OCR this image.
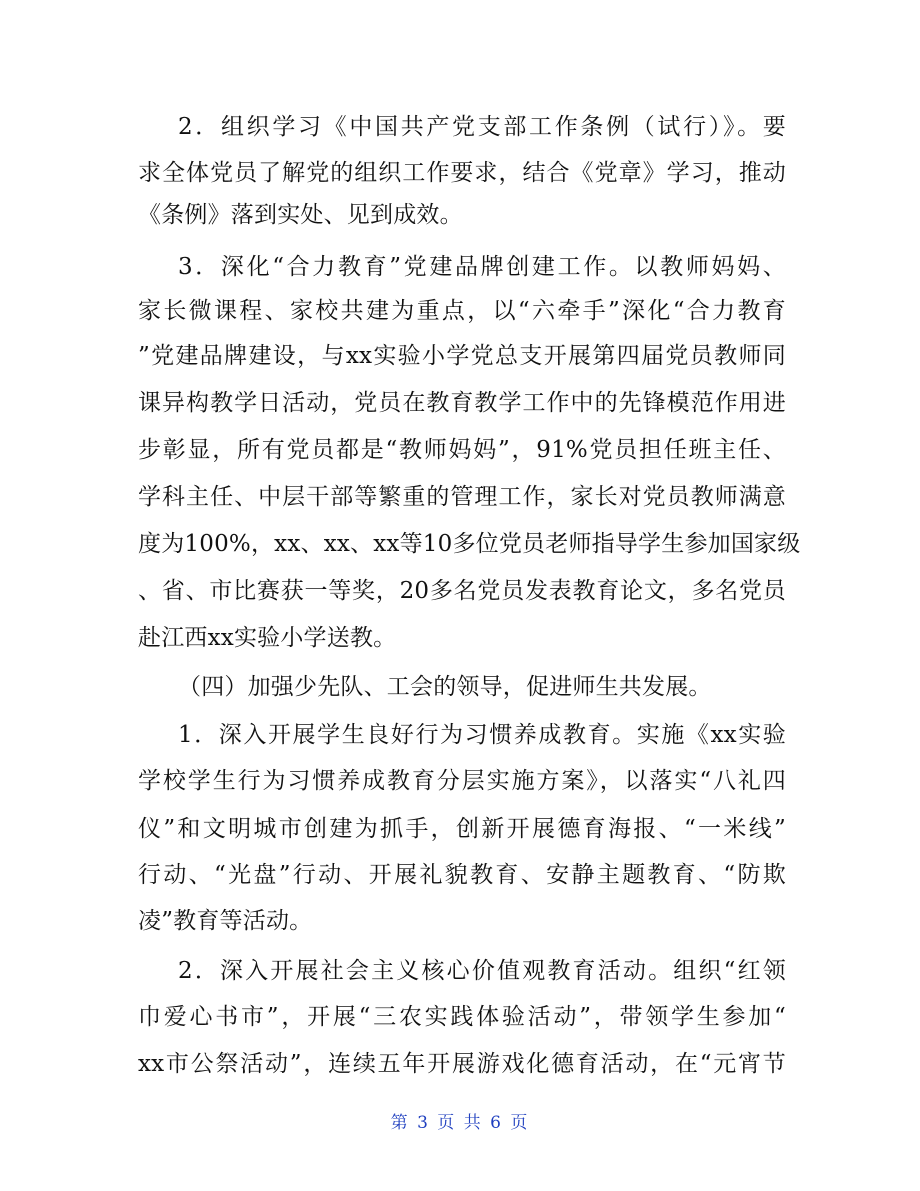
2．组织学习《中国共产党支部工作条例（试行）》。要
求全体党员了解党的组织工作要求，结合《党章》学习，推动
《条例》落到实处、见到成效。
3．深化“合力教育”党建品牌创建工作。以教师妈妈、
家长微课程、家校共建为重点，以“六牵手”深化“合力教育
”党建品牌建设，与xx实验小学党总支开展第四届党员教师同
课异构教学日活动，党员在教育教学工作中的先锋模范作用进
步彰显，所有党员都是“教师妈妈”，91%党员担任班主任、
学科主任、中层干部等繁重的管理工作，家长对党员教师满意
度为100%，xx、xx、xx等10多位党员老师指导学生参加国家级
、省、市比赛获一等奖，20多名党员发表教育论文，多名党员
赴江西xx实验小学送教。
（四）加强少先队、工会的领导，促进师生共发展。
1．深入开展学生良好行为习惯养成教育。实施《xx实验
学校学生行为习惯养成教育分层实施方案》，以落实“八礼四
仪”和文明城市创建为抓手，创新开展德育海报、“一米线”
行动、“光盘”行动、开展礼貌教育、安静主题教育、“防欺
凌”教育等活动。
2．深入开展社会主义核心价值观教育活动。组织“红领
巾爱心书市”，开展“三农实践体验活动”，带领学生参加“
xx市公祭活动”，连续五年开展游戏化德育活动，在“元宵节
第 3 页 共 6 页
